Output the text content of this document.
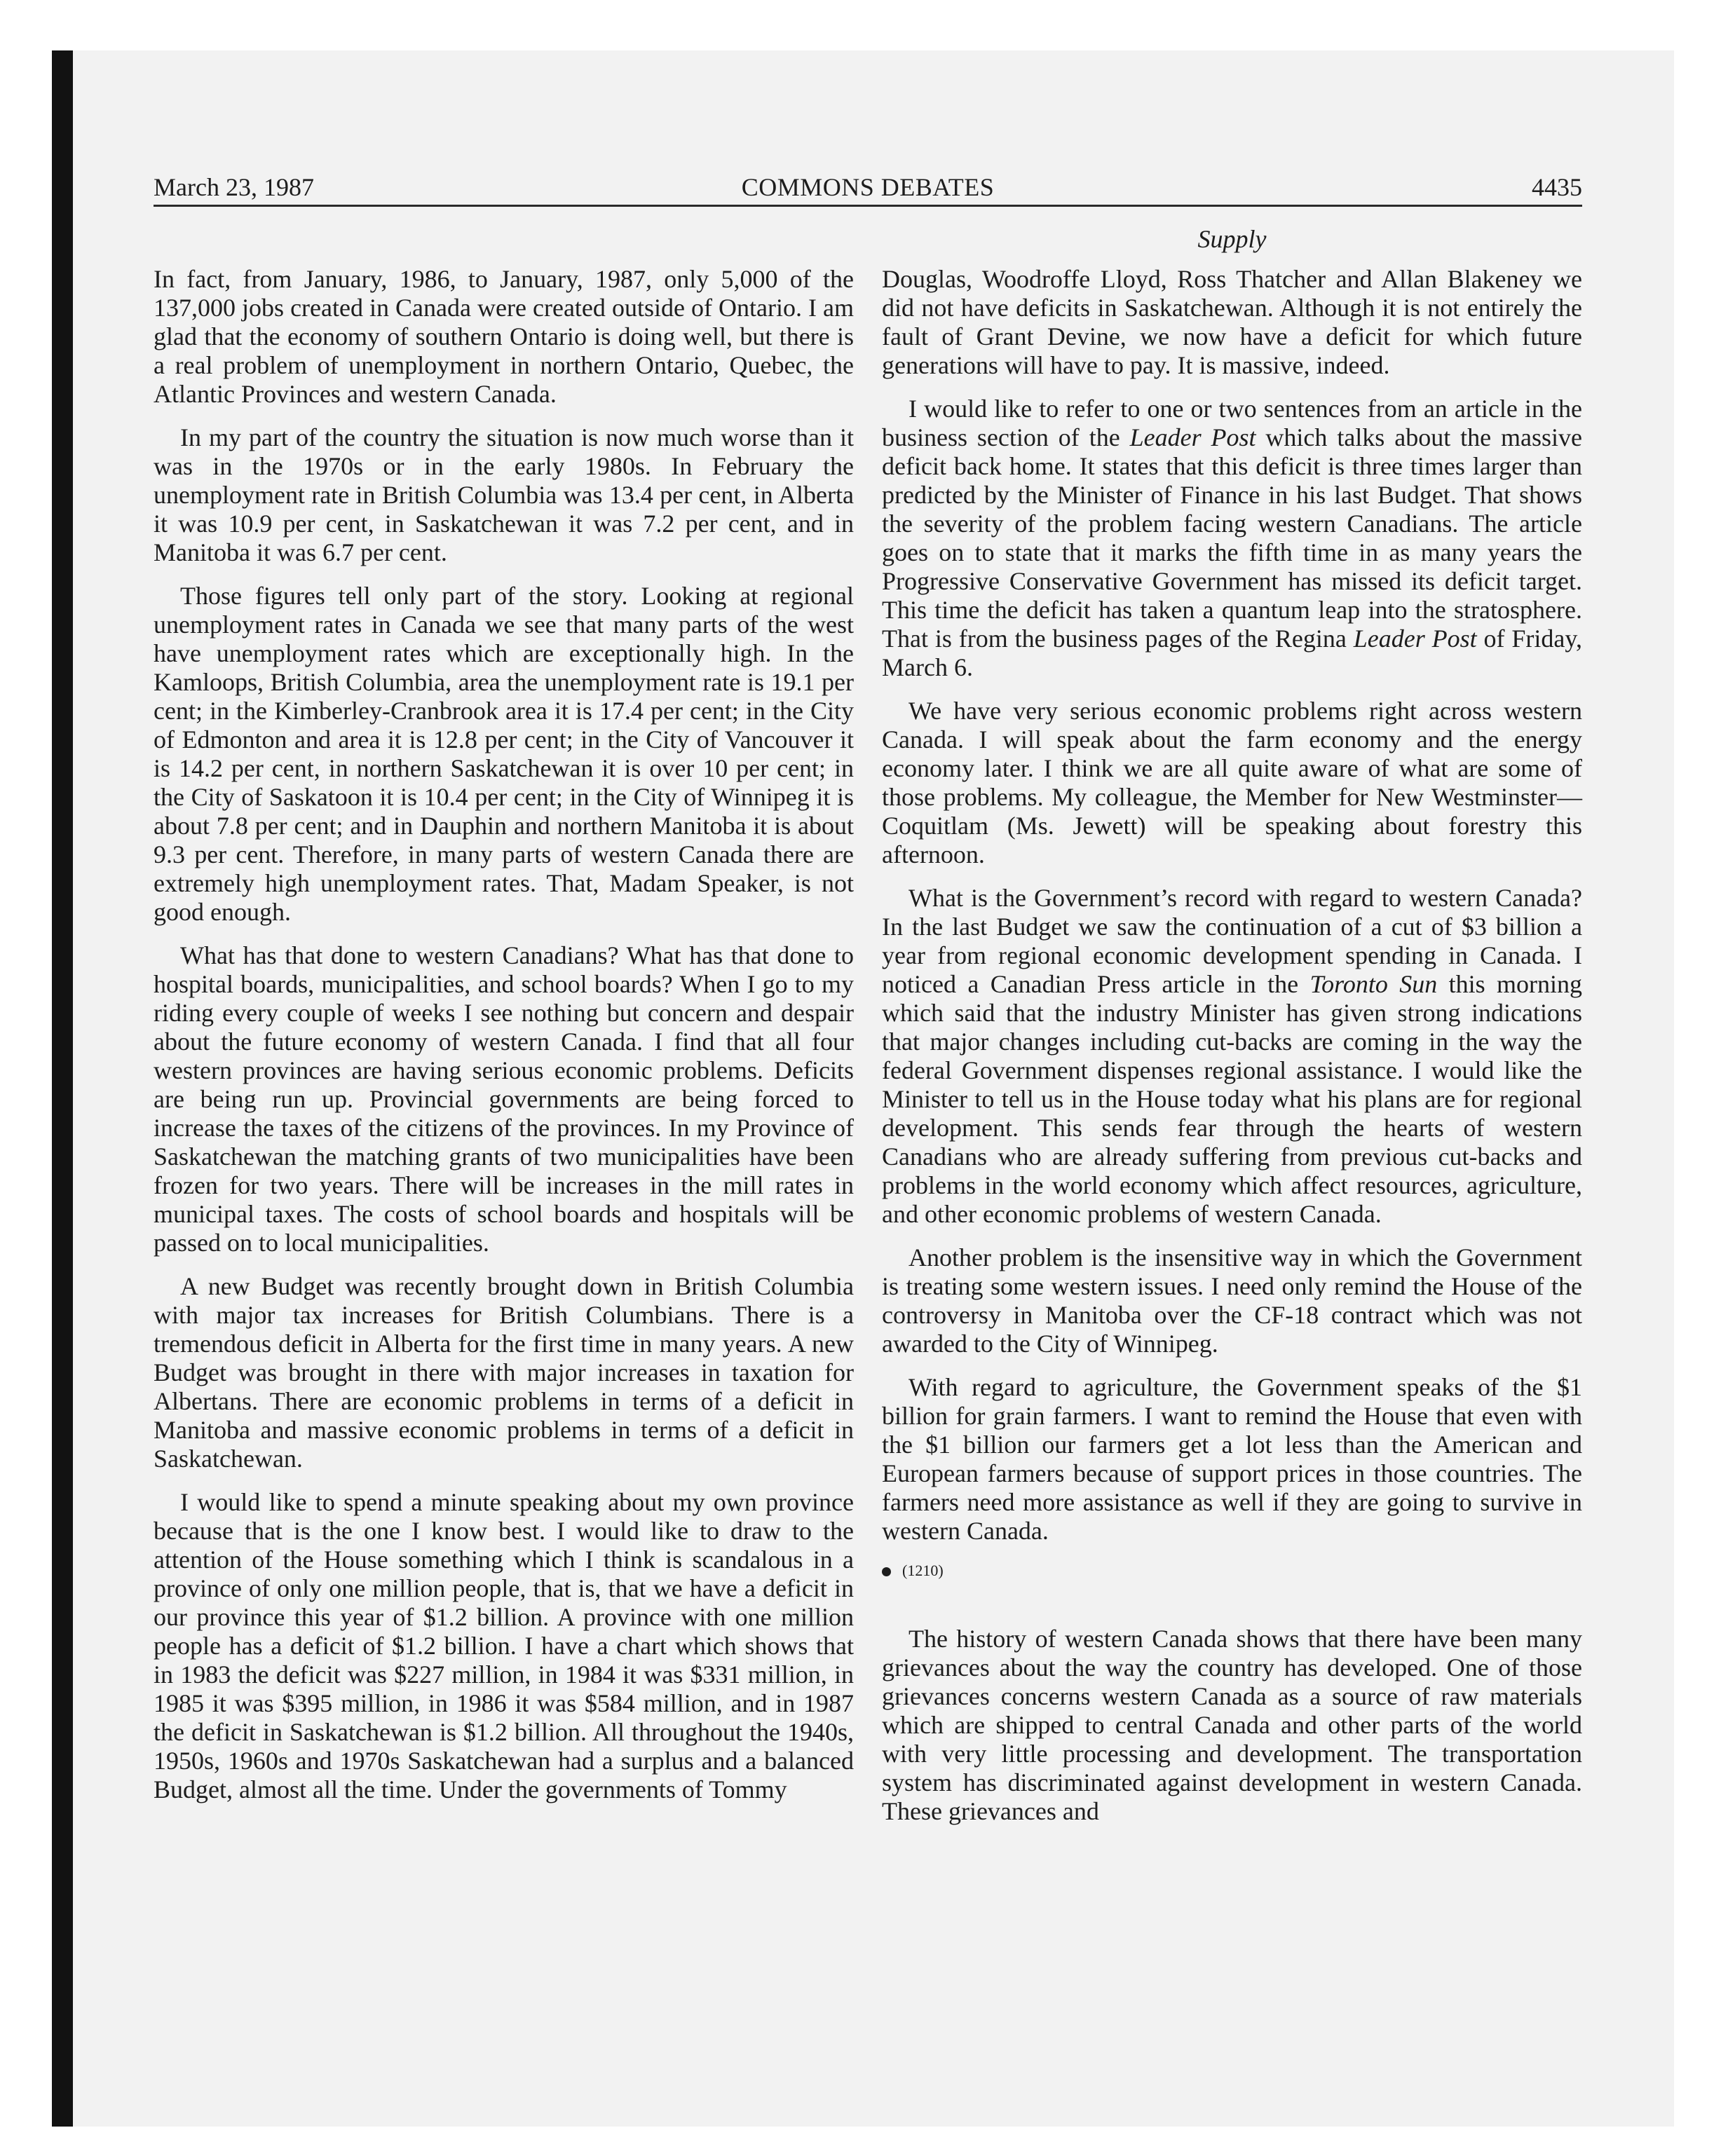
March 23, 1987	COMMONS DEBATES	4435
Supply

In fact, from January, 1986, to January, 1987, only 5,000 of the 137,000 jobs created in Canada were created outside of Ontario. I am glad that the economy of southern Ontario is doing well, but there is a real problem of unemployment in northern Ontario, Quebec, the Atlantic Provinces and western Canada.

In my part of the country the situation is now much worse than it was in the 1970s or in the early 1980s. In February the unemployment rate in British Columbia was 13.4 per cent, in Alberta it was 10.9 per cent, in Saskatchewan it was 7.2 per cent, and in Manitoba it was 6.7 per cent.

Those figures tell only part of the story. Looking at regional unemployment rates in Canada we see that many parts of the west have unemployment rates which are exceptionally high. In the Kamloops, British Columbia, area the unemployment rate is 19.1 per cent; in the Kimberley-Cranbrook area it is 17.4 per cent; in the City of Edmonton and area it is 12.8 per cent; in the City of Vancouver it is 14.2 per cent, in northern Saskatchewan it is over 10 per cent; in the City of Saskatoon it is 10.4 per cent; in the City of Winnipeg it is about 7.8 per cent; and in Dauphin and northern Manitoba it is about 9.3 per cent. Therefore, in many parts of western Canada there are extremely high unemployment rates. That, Madam Speaker, is not good enough.

What has that done to western Canadians? What has that done to hospital boards, municipalities, and school boards? When I go to my riding every couple of weeks I see nothing but concern and despair about the future economy of western Canada. I find that all four western provinces are having serious economic problems. Deficits are being run up. Provincial governments are being forced to increase the taxes of the citizens of the provinces. In my Province of Saskatchewan the matching grants of two municipalities have been frozen for two years. There will be increases in the mill rates in municipal taxes. The costs of school boards and hospitals will be passed on to local municipalities.

A new Budget was recently brought down in British Columbia with major tax increases for British Columbians. There is a tremendous deficit in Alberta for the first time in many years. A new Budget was brought in there with major increases in taxation for Albertans. There are economic problems in terms of a deficit in Manitoba and massive economic problems in terms of a deficit in Saskatchewan.

I would like to spend a minute speaking about my own province because that is the one I know best. I would like to draw to the attention of the House something which I think is scandalous in a province of only one million people, that is, that we have a deficit in our province this year of $1.2 billion. A province with one million people has a deficit of $1.2 billion. I have a chart which shows that in 1983 the deficit was $227 million, in 1984 it was $331 million, in 1985 it was $395 million, in 1986 it was $584 million, and in 1987 the deficit in Saskatchewan is $1.2 billion. All throughout the 1940s, 1950s, 1960s and 1970s Saskatchewan had a surplus and a balanced Budget, almost all the time. Under the governments of Tommy

Douglas, Woodroffe Lloyd, Ross Thatcher and Allan Blakeney we did not have deficits in Saskatchewan. Although it is not entirely the fault of Grant Devine, we now have a deficit for which future generations will have to pay. It is massive, indeed.

I would like to refer to one or two sentences from an article in the business section of the Leader Post which talks about the massive deficit back home. It states that this deficit is three times larger than predicted by the Minister of Finance in his last Budget. That shows the severity of the problem facing western Canadians. The article goes on to state that it marks the fifth time in as many years the Progressive Conservative Government has missed its deficit target. This time the deficit has taken a quantum leap into the stratosphere. That is from the business pages of the Regina Leader Post of Friday, March 6.

We have very serious economic problems right across western Canada. I will speak about the farm economy and the energy economy later. I think we are all quite aware of what are some of those problems. My colleague, the Member for New Westminster—Coquitlam (Ms. Jewett) will be speaking about forestry this afternoon.

What is the Government’s record with regard to western Canada? In the last Budget we saw the continuation of a cut of $3 billion a year from regional economic development spending in Canada. I noticed a Canadian Press article in the Toronto Sun this morning which said that the industry Minister has given strong indications that major changes including cut-backs are coming in the way the federal Government dispenses regional assistance. I would like the Minister to tell us in the House today what his plans are for regional development. This sends fear through the hearts of western Canadians who are already suffering from previous cut-backs and problems in the world economy which affect resources, agriculture, and other economic problems of western Canada.

Another problem is the insensitive way in which the Government is treating some western issues. I need only remind the House of the controversy in Manitoba over the CF-18 contract which was not awarded to the City of Winnipeg.

With regard to agriculture, the Government speaks of the $1 billion for grain farmers. I want to remind the House that even with the $1 billion our farmers get a lot less than the American and European farmers because of support prices in those countries. The farmers need more assistance as well if they are going to survive in western Canada.

(1210)

The history of western Canada shows that there have been many grievances about the way the country has developed. One of those grievances concerns western Canada as a source of raw materials which are shipped to central Canada and other parts of the world with very little processing and development. The transportation system has discriminated against development in western Canada. These grievances and
